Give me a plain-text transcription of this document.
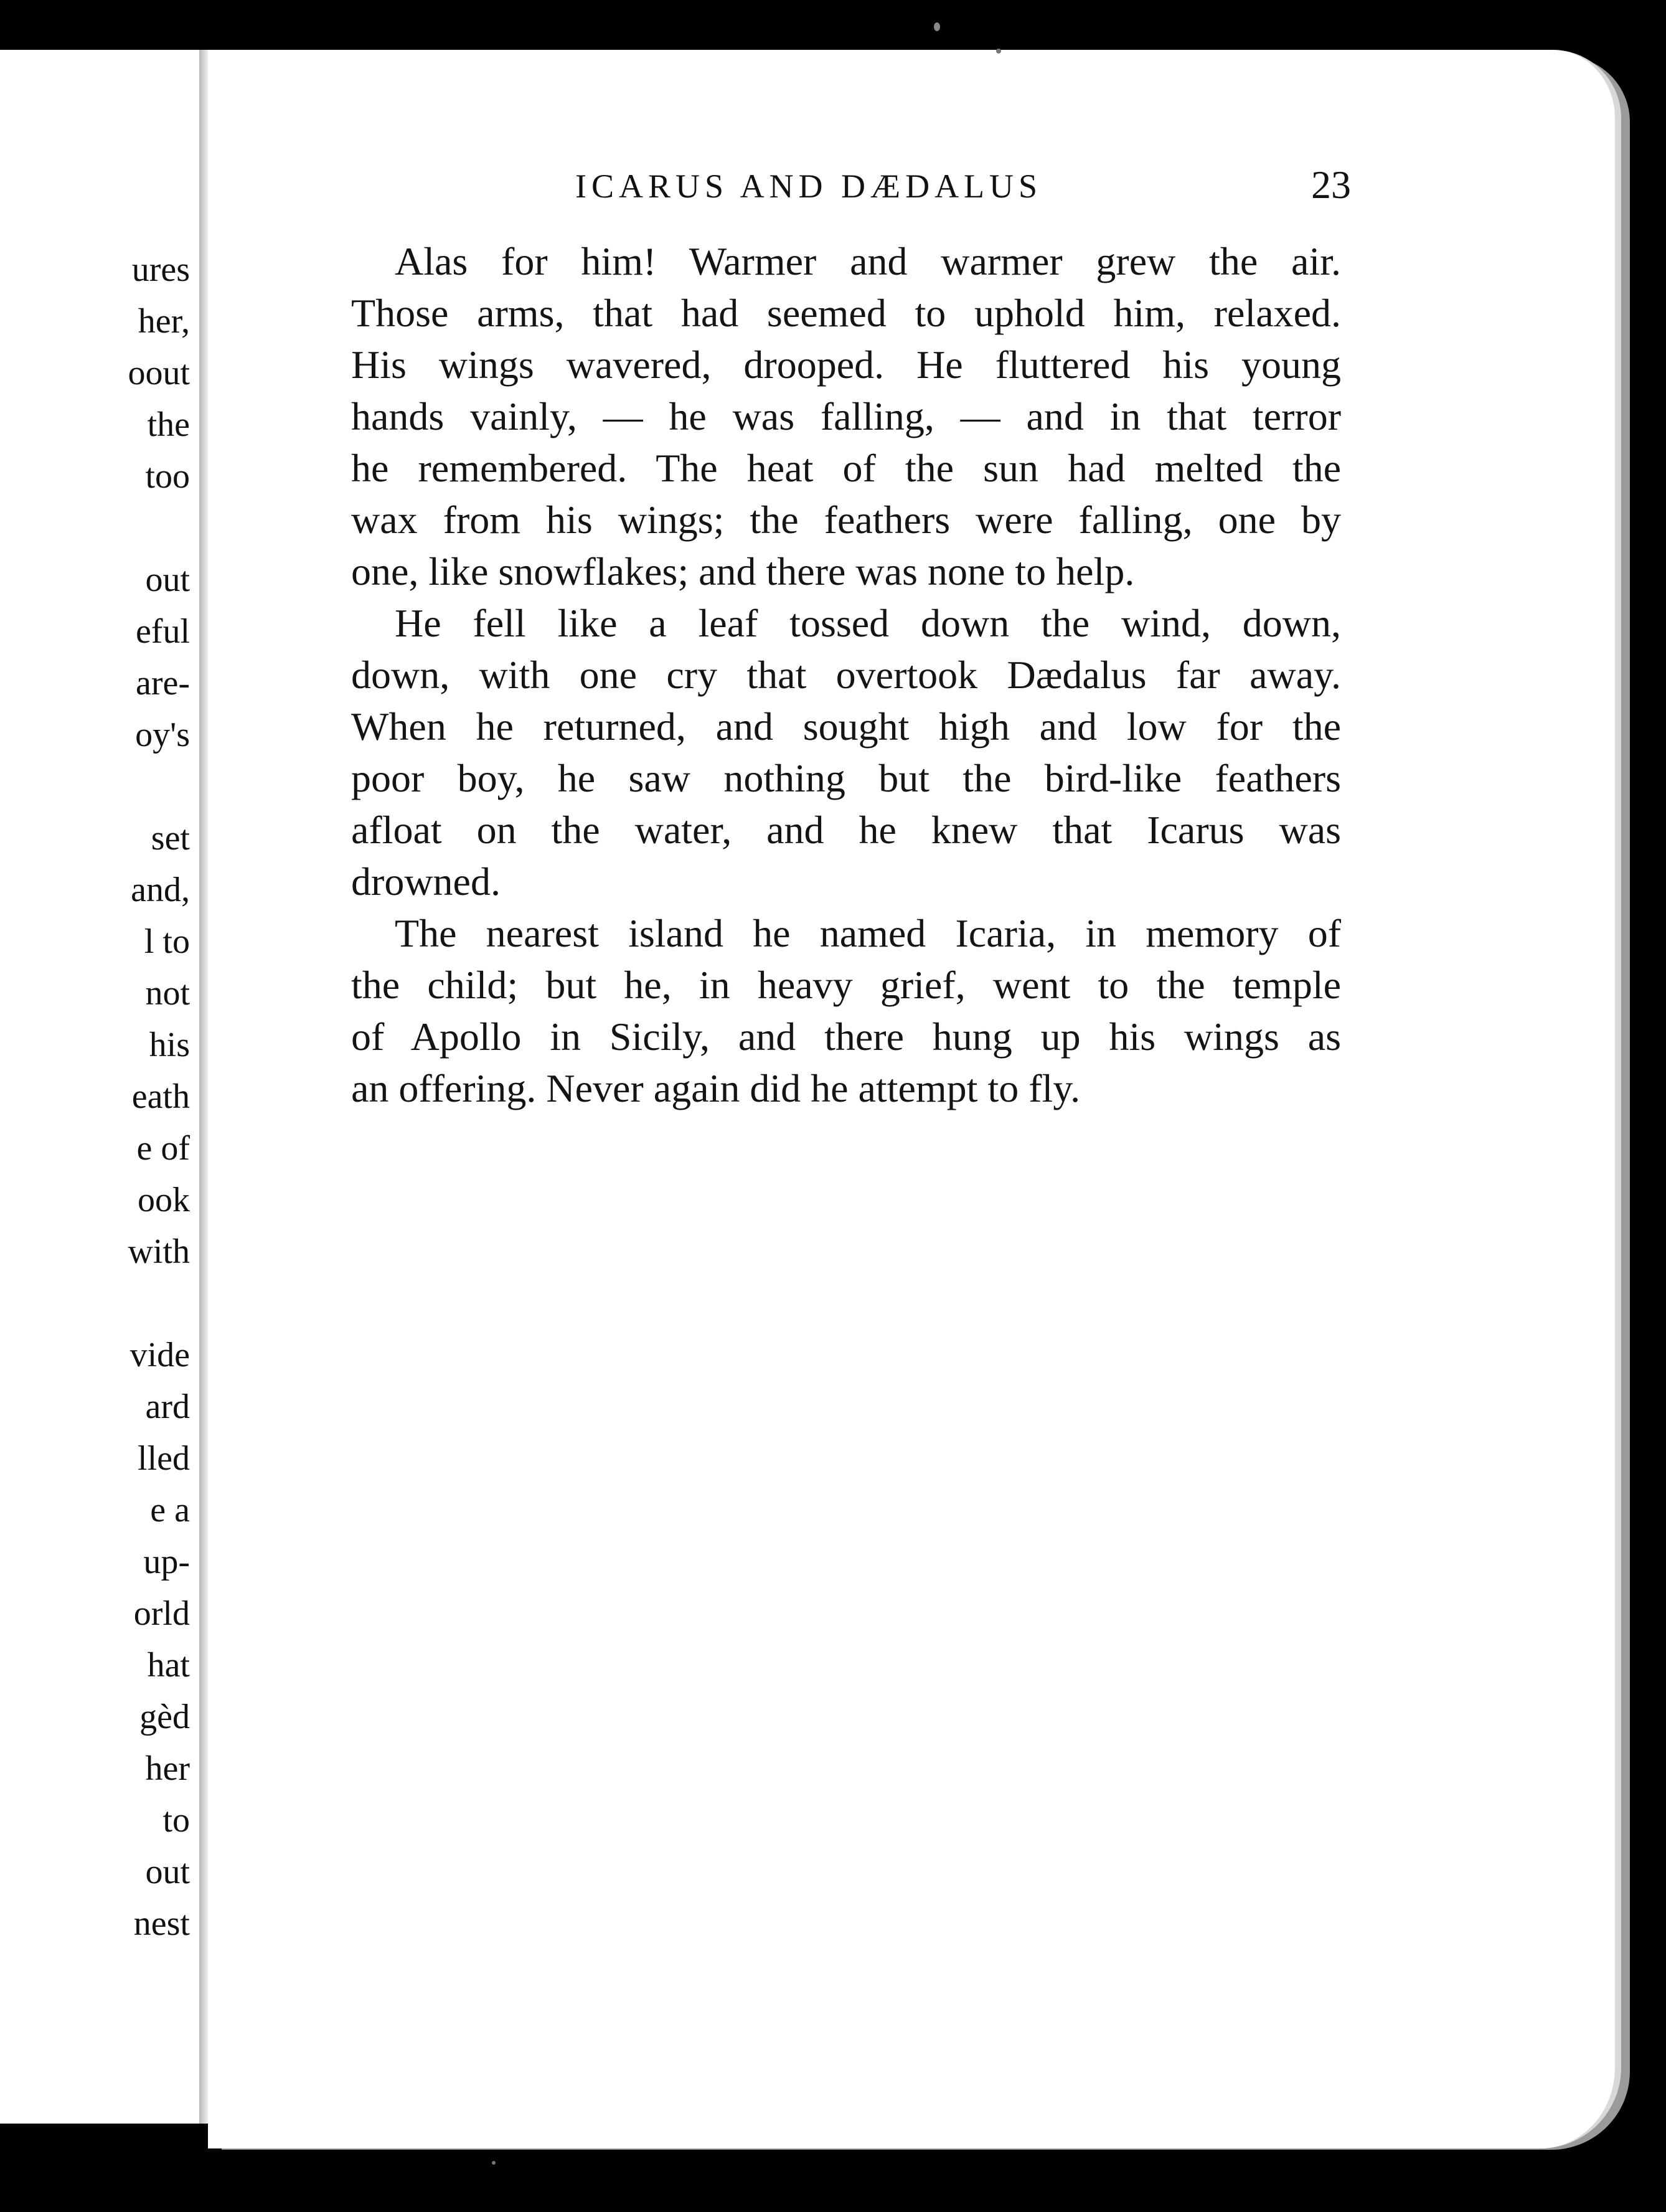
ures
her,
oout
the
too
out
eful
are-
oy's
set
and,
l to
not
his
eath
e of
ook
with
vide
ard
lled
e a
up-
orld
hat
gèd
her
to
out
nest
ICARUS AND DÆDALUS	23
Alas for him! Warmer and warmer grew the air.
Those arms, that had seemed to uphold him, relaxed.
His wings wavered, drooped. He fluttered his young
hands vainly, — he was falling, — and in that terror
he remembered. The heat of the sun had melted the
wax from his wings; the feathers were falling, one by
one, like snowflakes; and there was none to help.
He fell like a leaf tossed down the wind, down,
down, with one cry that overtook Dædalus far away.
When he returned, and sought high and low for the
poor boy, he saw nothing but the bird-like feathers
afloat on the water, and he knew that Icarus was
drowned.
The nearest island he named Icaria, in memory of
the child; but he, in heavy grief, went to the temple
of Apollo in Sicily, and there hung up his wings as
an offering. Never again did he attempt to fly.
